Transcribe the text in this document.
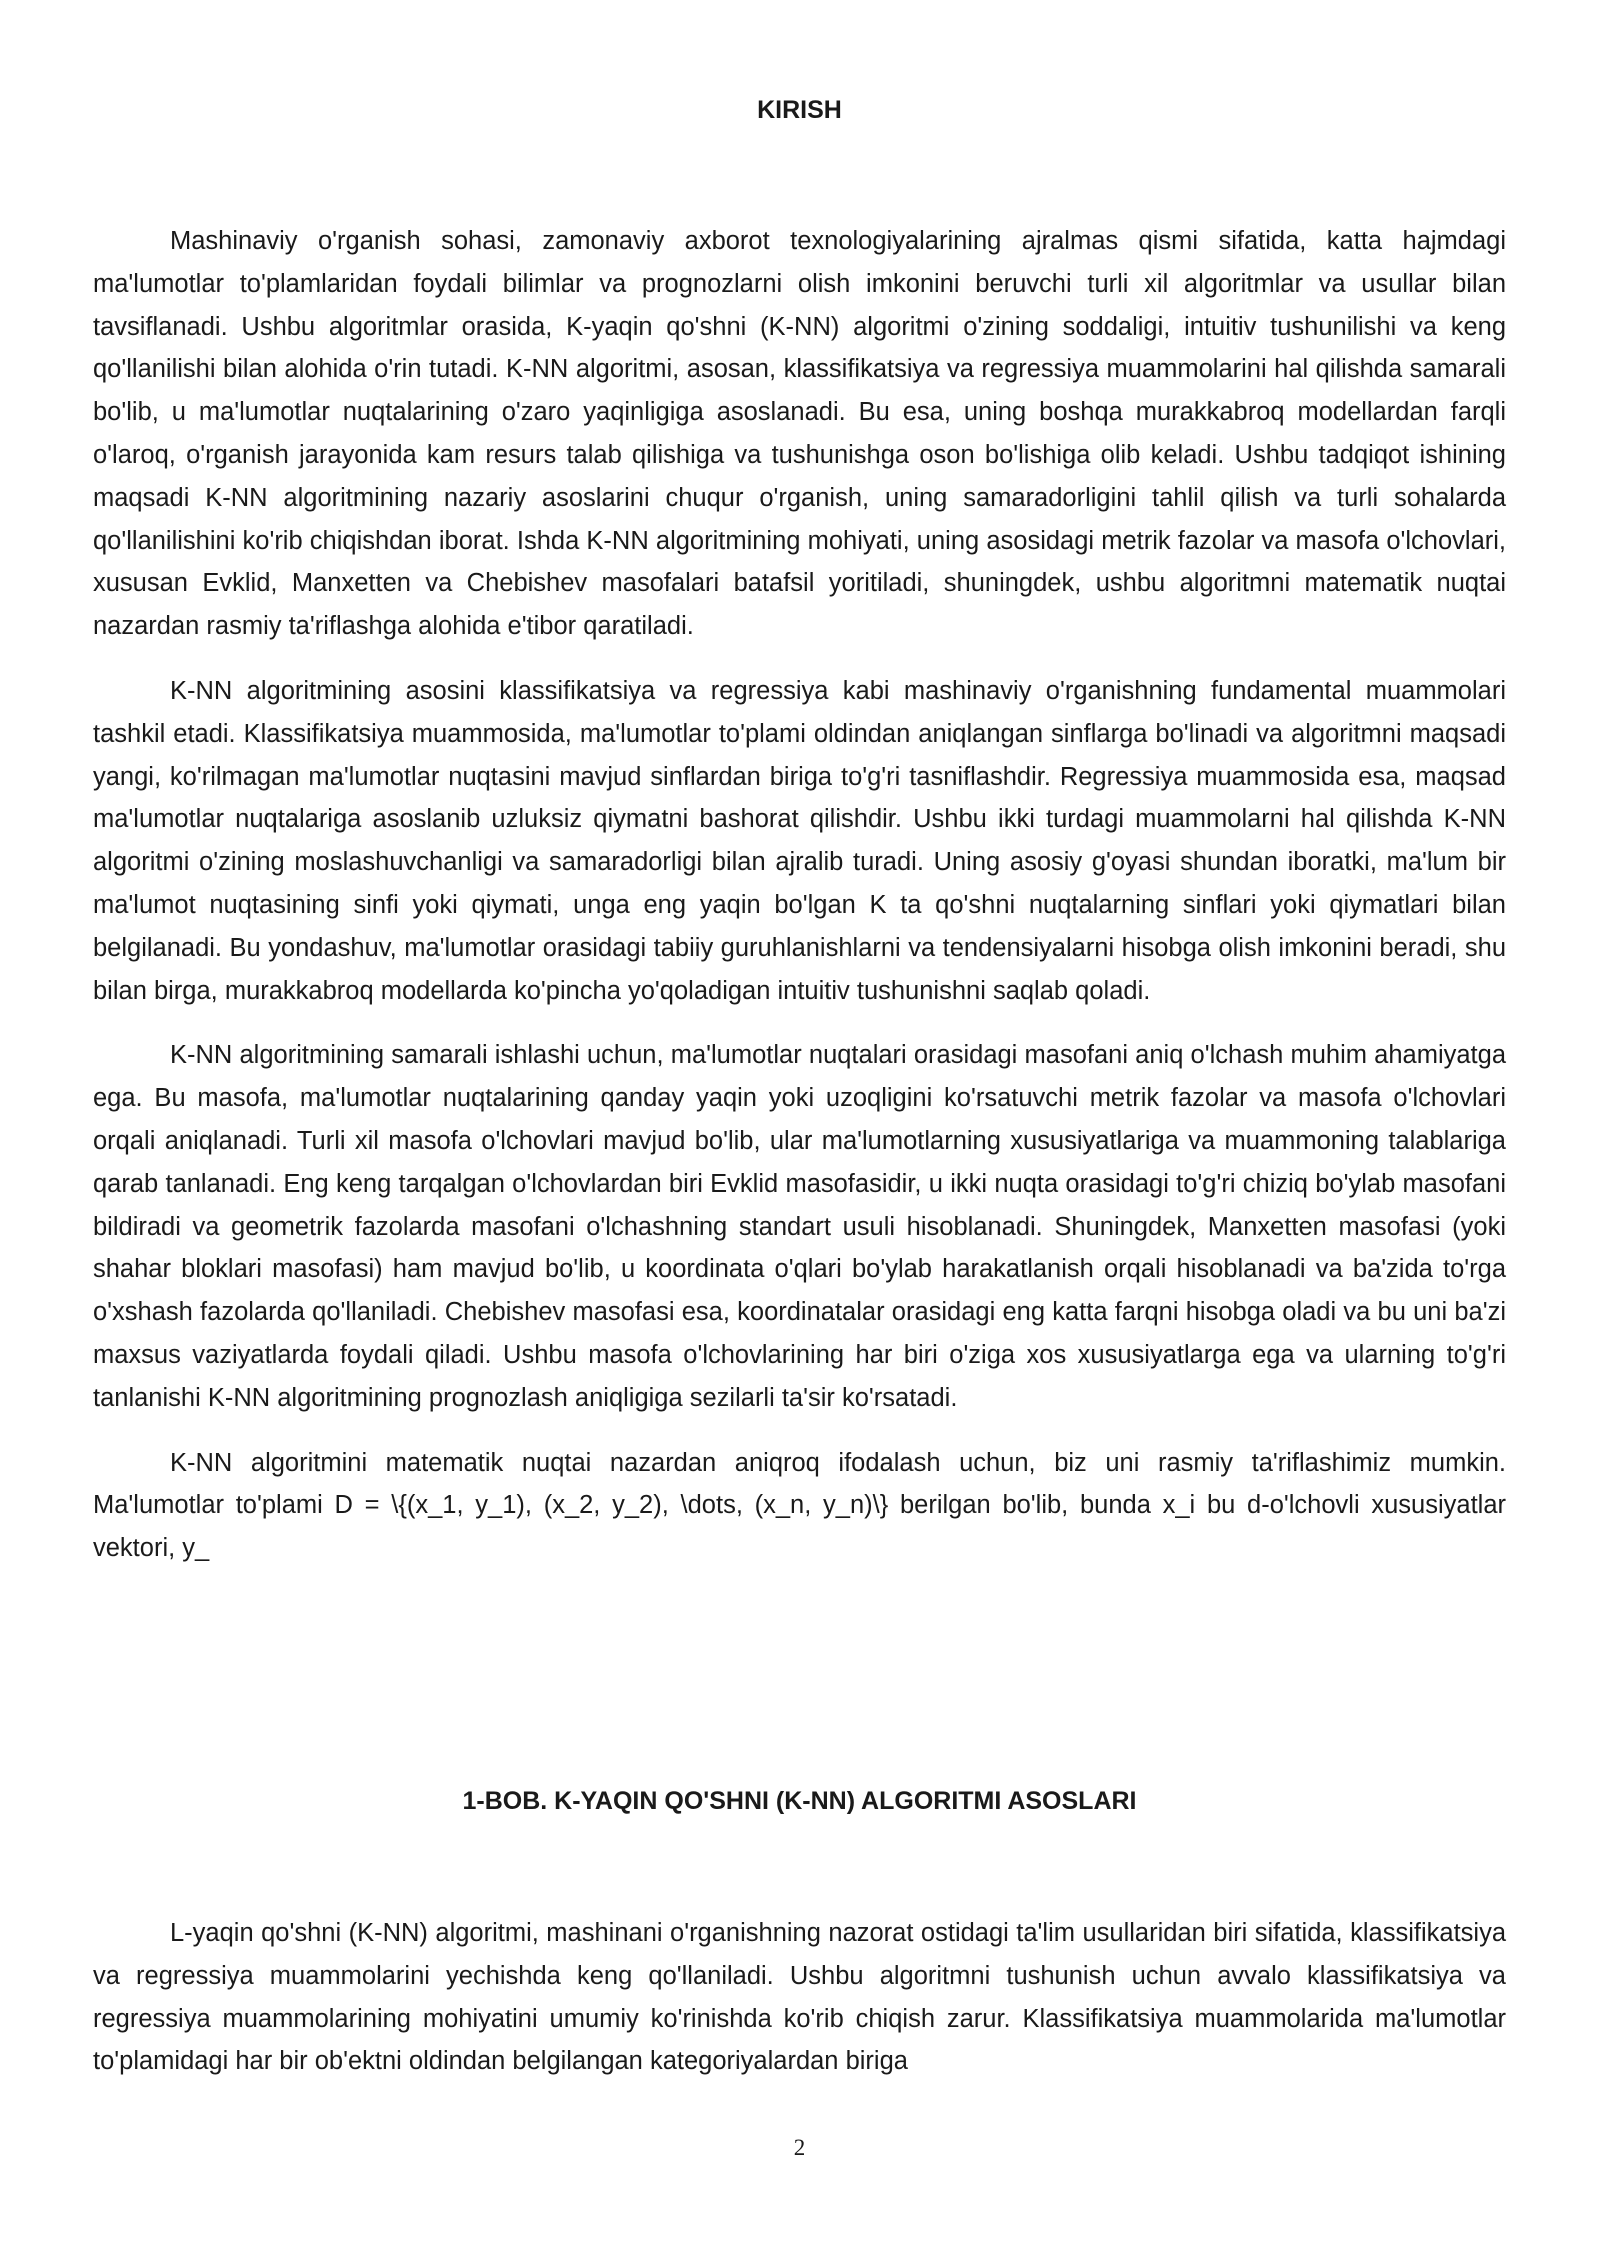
KIRISH

Mashinaviy o'rganish sohasi, zamonaviy axborot texnologiyalarining ajralmas qismi sifatida, katta hajmdagi ma'lumotlar to'plamlaridan foydali bilimlar va prognozlarni olish imkonini beruvchi turli xil algoritmlar va usullar bilan tavsiflanadi. Ushbu algoritmlar orasida, K-yaqin qo'shni (K-NN) algoritmi o'zining soddaligi, intuitiv tushunilishi va keng qo'llanilishi bilan alohida o'rin tutadi. K-NN algoritmi, asosan, klassifikatsiya va regressiya muammolarini hal qilishda samarali bo'lib, u ma'lumotlar nuqtalarining o'zaro yaqinligiga asoslanadi. Bu esa, uning boshqa murakkabroq modellardan farqli o'laroq, o'rganish jarayonida kam resurs talab qilishiga va tushunishga oson bo'lishiga olib keladi. Ushbu tadqiqot ishining maqsadi K-NN algoritmining nazariy asoslarini chuqur o'rganish, uning samaradorligini tahlil qilish va turli sohalarda qo'llanilishini ko'rib chiqishdan iborat. Ishda K-NN algoritmining mohiyati, uning asosidagi metrik fazolar va masofa o'lchovlari, xususan Evklid, Manxetten va Chebishev masofalari batafsil yoritiladi, shuningdek, ushbu algoritmni matematik nuqtai nazardan rasmiy ta'riflashga alohida e'tibor qaratiladi.

K-NN algoritmining asosini klassifikatsiya va regressiya kabi mashinaviy o'rganishning fundamental muammolari tashkil etadi. Klassifikatsiya muammosida, ma'lumotlar to'plami oldindan aniqlangan sinflarga bo'linadi va algoritmni maqsadi yangi, ko'rilmagan ma'lumotlar nuqtasini mavjud sinflardan biriga to'g'ri tasniflashdir. Regressiya muammosida esa, maqsad ma'lumotlar nuqtalariga asoslanib uzluksiz qiymatni bashorat qilishdir. Ushbu ikki turdagi muammolarni hal qilishda K-NN algoritmi o'zining moslashuvchanligi va samaradorligi bilan ajralib turadi. Uning asosiy g'oyasi shundan iboratki, ma'lum bir ma'lumot nuqtasining sinfi yoki qiymati, unga eng yaqin bo'lgan K ta qo'shni nuqtalarning sinflari yoki qiymatlari bilan belgilanadi. Bu yondashuv, ma'lumotlar orasidagi tabiiy guruhlanishlarni va tendensiyalarni hisobga olish imkonini beradi, shu bilan birga, murakkabroq modellarda ko'pincha yo'qoladigan intuitiv tushunishni saqlab qoladi.

K-NN algoritmining samarali ishlashi uchun, ma'lumotlar nuqtalari orasidagi masofani aniq o'lchash muhim ahamiyatga ega. Bu masofa, ma'lumotlar nuqtalarining qanday yaqin yoki uzoqligini ko'rsatuvchi metrik fazolar va masofa o'lchovlari orqali aniqlanadi. Turli xil masofa o'lchovlari mavjud bo'lib, ular ma'lumotlarning xususiyatlariga va muammoning talablariga qarab tanlanadi. Eng keng tarqalgan o'lchovlardan biri Evklid masofasidir, u ikki nuqta orasidagi to'g'ri chiziq bo'ylab masofani bildiradi va geometrik fazolarda masofani o'lchashning standart usuli hisoblanadi. Shuningdek, Manxetten masofasi (yoki shahar bloklari masofasi) ham mavjud bo'lib, u koordinata o'qlari bo'ylab harakatlanish orqali hisoblanadi va ba'zida to'rga o'xshash fazolarda qo'llaniladi. Chebishev masofasi esa, koordinatalar orasidagi eng katta farqni hisobga oladi va bu uni ba'zi maxsus vaziyatlarda foydali qiladi. Ushbu masofa o'lchovlarining har biri o'ziga xos xususiyatlarga ega va ularning to'g'ri tanlanishi K-NN algoritmining prognozlash aniqligiga sezilarli ta'sir ko'rsatadi.

K-NN algoritmini matematik nuqtai nazardan aniqroq ifodalash uchun, biz uni rasmiy ta'riflashimiz mumkin. Ma'lumotlar to'plami D = \{(x_1, y_1), (x_2, y_2), \dots, (x_n, y_n)\} berilgan bo'lib, bunda x_i bu d-o'lchovli xususiyatlar vektori, y_

1-BOB. K-YAQIN QO'SHNI (K-NN) ALGORITMI ASOSLARI

L-yaqin qo'shni (K-NN) algoritmi, mashinani o'rganishning nazorat ostidagi ta'lim usullaridan biri sifatida, klassifikatsiya va regressiya muammolarini yechishda keng qo'llaniladi. Ushbu algoritmni tushunish uchun avvalo klassifikatsiya va regressiya muammolarining mohiyatini umumiy ko'rinishda ko'rib chiqish zarur. Klassifikatsiya muammolarida ma'lumotlar to'plamidagi har bir ob'ektni oldindan belgilangan kategoriyalardan biriga

2
